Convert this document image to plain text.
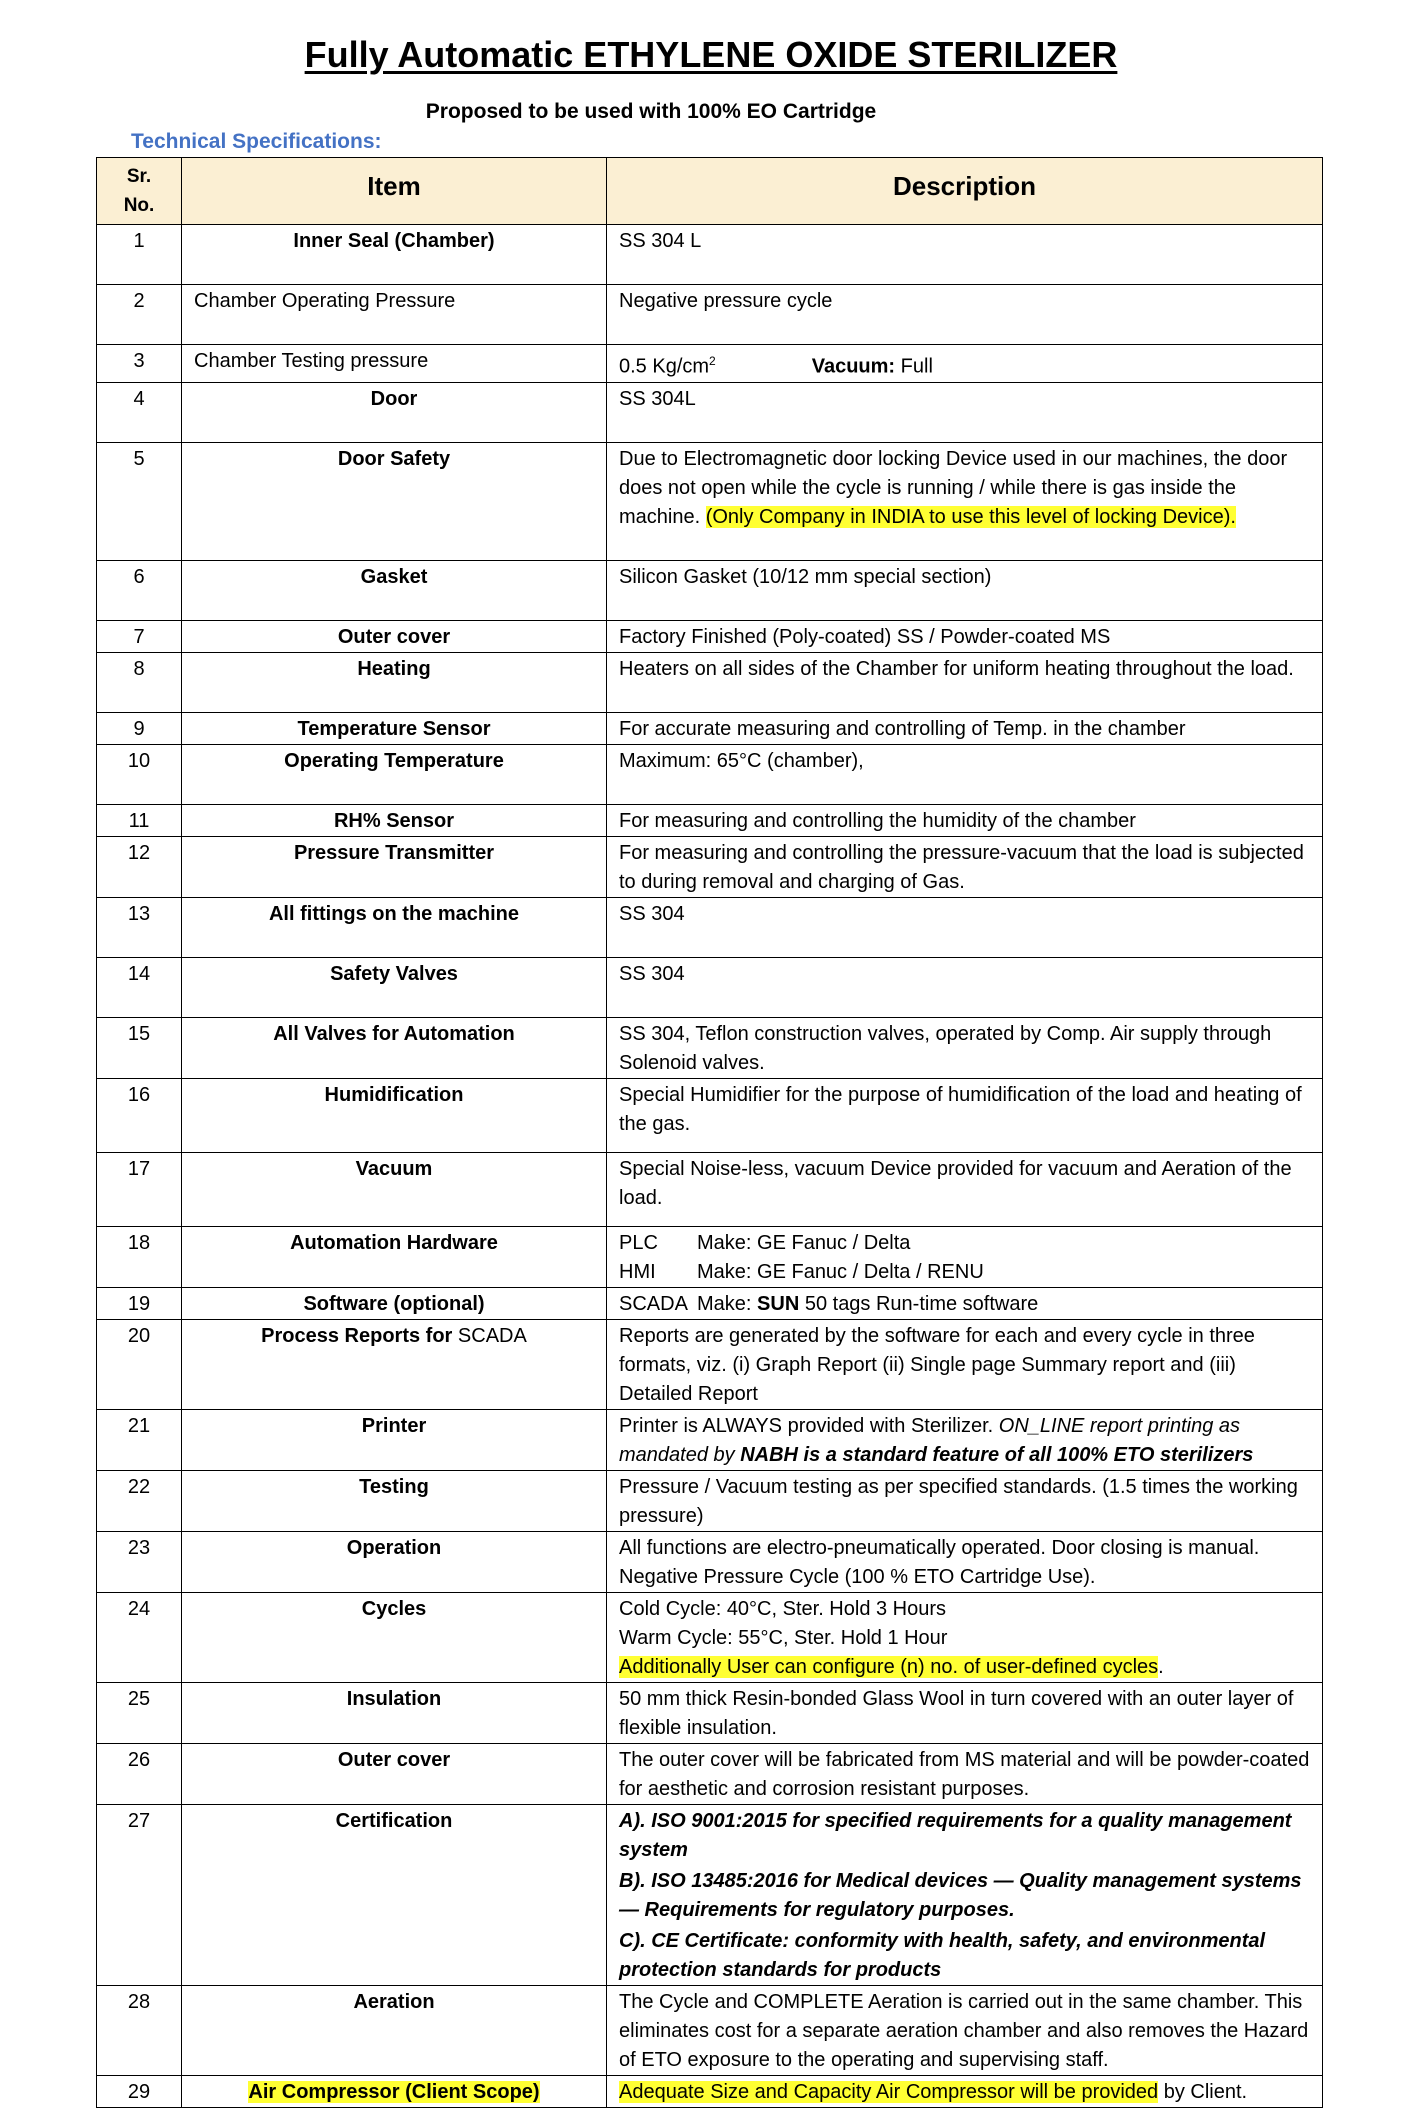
Fully Automatic ETHYLENE OXIDE STERILIZER
Proposed to be used with 100% EO Cartridge
Technical Specifications:
Sr.
No.	Item	Description
1	Inner Seal (Chamber)	SS 304 L
2	Chamber Operating Pressure	Negative pressure cycle
3	Chamber Testing pressure	0.5 $Kg/cm^2$ Vacuum: Full
4	Door	SS 304L
5	Door Safety	Due to Electromagnetic door locking Device used in our machines, the door does not open while the cycle is running / while there is gas inside the machine. (Only Company in INDIA to use this level of locking Device).
6	Gasket	Silicon Gasket (10/12 mm special section)
7	Outer cover	Factory Finished (Poly-coated) SS / Powder-coated MS
8	Heating	Heaters on all sides of the Chamber for uniform heating throughout the load.
9	Temperature Sensor	For accurate measuring and controlling of Temp. in the chamber
10	Operating Temperature	Maximum: 65°C (chamber),
11	RH% Sensor	For measuring and controlling the humidity of the chamber
12	Pressure Transmitter	For measuring and controlling the pressure-vacuum that the load is subjected to during removal and charging of Gas.
13	All fittings on the machine	SS 304
14	Safety Valves	SS 304
15	All Valves for Automation	SS 304, Teflon construction valves, operated by Comp. Air supply through Solenoid valves.
16	Humidification	Special Humidifier for the purpose of humidification of the load and heating of the gas.
17	Vacuum	Special Noise-less, vacuum Device provided for vacuum and Aeration of the load.
18	Automation Hardware	PLC Make: GE Fanuc / Delta
HMI Make: GE Fanuc / Delta / RENU
19	Software (optional)	SCADA Make: SUN 50 tags Run-time software
20	Process Reports for SCADA	Reports are generated by the software for each and every cycle in three formats, viz. (i) Graph Report (ii) Single page Summary report and (iii) Detailed Report
21	Printer	Printer is ALWAYS provided with Sterilizer. ON_LINE report printing as mandated by NABH is a standard feature of all 100% ETO sterilizers
22	Testing	Pressure / Vacuum testing as per specified standards. (1.5 times the working pressure)
23	Operation	All functions are electro-pneumatically operated. Door closing is manual. Negative Pressure Cycle (100 % ETO Cartridge Use).
24	Cycles	Cold Cycle: 40°C, Ster. Hold 3 Hours
Warm Cycle: 55°C, Ster. Hold 1 Hour
Additionally User can configure (n) no. of user-defined cycles.
25	Insulation	50 mm thick Resin-bonded Glass Wool in turn covered with an outer layer of flexible insulation.
26	Outer cover	The outer cover will be fabricated from MS material and will be powder-coated for aesthetic and corrosion resistant purposes.
27	Certification	A). ISO 9001:2015 for specified requirements for a quality management system
B). ISO 13485:2016 for Medical devices — Quality management systems — Requirements for regulatory purposes.
C). CE Certificate: conformity with health, safety, and environmental protection standards for products

28	Aeration	The Cycle and COMPLETE Aeration is carried out in the same chamber. This eliminates cost for a separate aeration chamber and also removes the Hazard of ETO exposure to the operating and supervising staff.
29	Air Compressor (Client Scope)	Adequate Size and Capacity Air Compressor will be provided by Client.
